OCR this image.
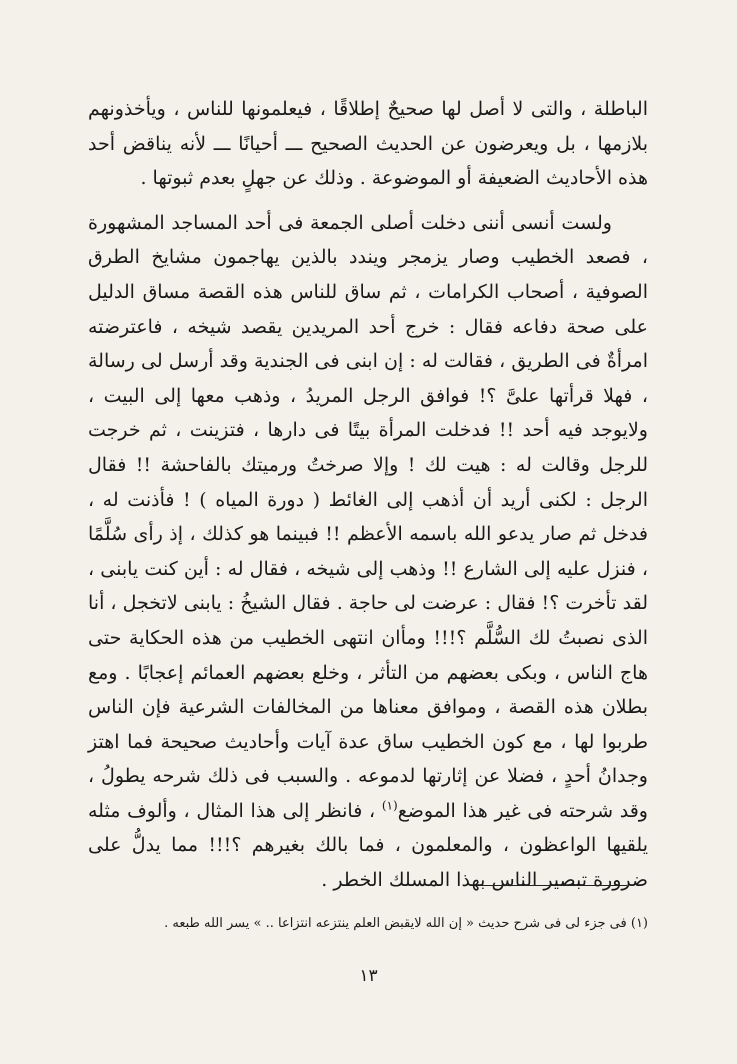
الباطلة ، والتى لا أصل لها صحيحٌ إطلاقًا ، فيعلمونها للناس ، ويأخذونهم بلازمها ، بل ويعرضون عن الحديث الصحيح ـــ أحيانًا ـــ لأنه يناقض أحد هذه الأحاديث الضعيفة أو الموضوعة . وذلك عن جهلٍ بعدم ثبوتها .

ولست أنسى أننى دخلت أصلى الجمعة فى أحد المساجد المشهورة ، فصعد الخطيب وصار يزمجر ويندد بالذين يهاجمون مشايخ الطرق الصوفية ، أصحاب الكرامات ، ثم ساق للناس هذه القصة مساق الدليل على صحة دفاعه فقال : خرج أحد المريدين يقصد شيخه ، فاعترضته امرأةٌ فى الطريق ، فقالت له : إن ابنى فى الجندية وقد أرسل لى رسالة ، فهلا قرأتها علىَّ ؟! فوافق الرجل المريدُ ، وذهب معها إلى البيت ، ولايوجد فيه أحد !! فدخلت المرأة بيتًا فى دارها ، فتزينت ، ثم خرجت للرجل وقالت له : هيت لك ! وإلا صرختُ ورميتك بالفاحشة !! فقال الرجل : لكنى أريد أن أذهب إلى الغائط ( دورة المياه ) ! فأذنت له ، فدخل ثم صار يدعو الله باسمه الأعظم !! فبينما هو كذلك ، إذ رأى سُلَّمًا ، فنزل عليه إلى الشارع !! وذهب إلى شيخه ، فقال له : أين كنت يابنى ، لقد تأخرت ؟! فقال : عرضت لى حاجة . فقال الشيخُ : يابنى لاتخجل ، أنا الذى نصبتُ لك السُّلَّم ؟!!! ومأان انتهى الخطيب من هذه الحكاية حتى هاج الناس ، وبكى بعضهم من التأثر ، وخلع بعضهم العمائم إعجابًا . ومع بطلان هذه القصة ، وموافق معناها من المخالفات الشرعية فإن الناس طربوا لها ، مع كون الخطيب ساق عدة آيات وأحاديث صحيحة فما اهتز وجدانُ أحدٍ ، فضلا عن إثارتها لدموعه . والسبب فى ذلك شرحه يطولُ ، وقد شرحته فى غير هذا الموضع$^{(١)}$ ، فانظر إلى هذا المثال ، وألوف مثله يلقيها الواعظون ، والمعلمون ، فما بالك بغيرهم ؟!!! مما يدلُّ على ضرورة تبصير الناس بهذا المسلك الخطر .

(١) فى جزء لى فى شرح حديث « إن الله لايقبض العلم ينتزعه انتزاعا .. » يسر الله طبعه .
١٣
